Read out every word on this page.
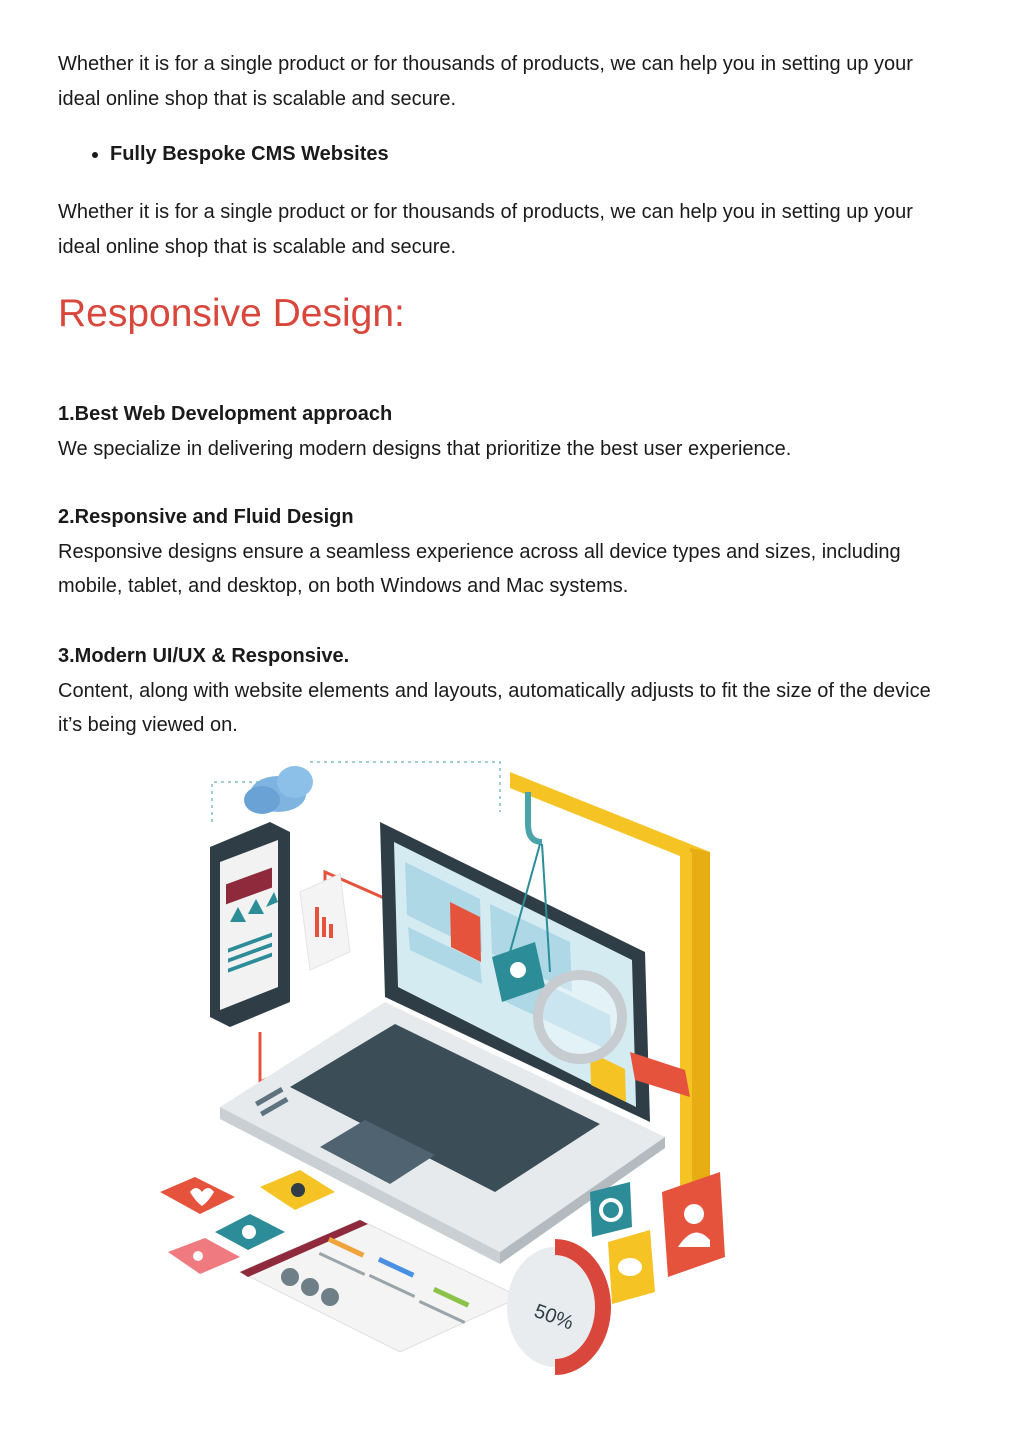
Whether it is for a single product or for thousands of products, we can help you in setting up your ideal online shop that is scalable and secure.

• Fully Bespoke CMS Websites

Whether it is for a single product or for thousands of products, we can help you in setting up your ideal online shop that is scalable and secure.

Responsive Design:
1.Best Web Development approach
We specialize in delivering modern designs that prioritize the best user experience.
2.Responsive and Fluid Design
Responsive designs ensure a seamless experience across all device types and sizes, including mobile, tablet, and desktop, on both Windows and Mac systems.
3.Modern UI/UX & Responsive.
Content, along with website elements and layouts, automatically adjusts to fit the size of the device it’s being viewed on.
50%
